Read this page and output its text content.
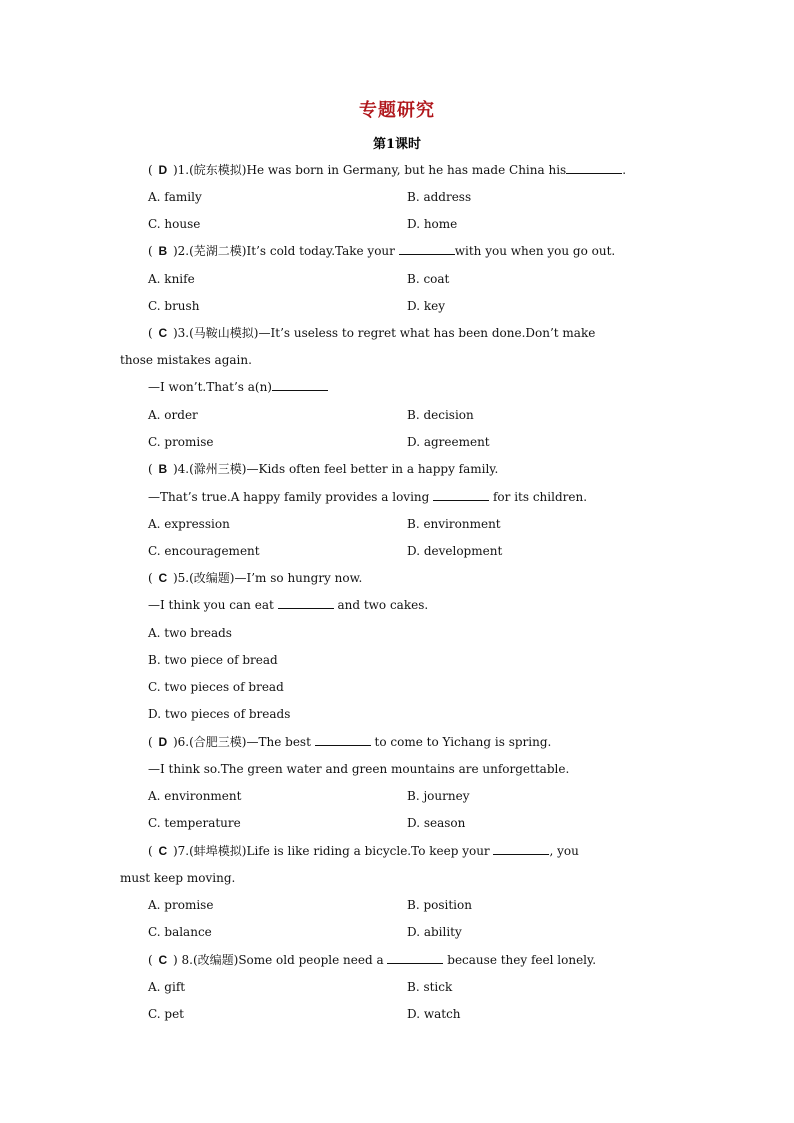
专题研究
第1课时
( D )1.(皖东模拟)He was born in Germany, but he has made China his	.
A. family	B. address
C. house	D. home
( B )2.(芜湖二模)It’s cold today.Take your	with you when you go out.
A. knife	B. coat
C. brush	D. key
( C )3.(马鞍山模拟)—It’s useless to regret what has been done.Don’t make
those mistakes again.
—I won’t.That’s a(n)
A. order	B. decision
C. promise	D. agreement
( B )4.(滁州三模)—Kids often feel better in a happy family.
—That’s true.A happy family provides a loving	for its children.
A. expression	B. environment
C. encouragement	D. development
( C )5.(改编题)—I’m so hungry now.
—I think you can eat	and two cakes.
A. two breads
B. two piece of bread
C. two pieces of bread
D. two pieces of breads
( D )6.(合肥三模)—The best	to come to Yichang is spring.
—I think so.The green water and green mountains are unforgettable.
A. environment	B. journey
C. temperature	D. season
( C )7.(蚌埠模拟)Life is like riding a bicycle.To keep your	, you
must keep moving.
A. promise	B. position
C. balance	D. ability
( C ) 8.(改编题)Some old people need a	because they feel lonely.
A. gift	B. stick
C. pet	D. watch
